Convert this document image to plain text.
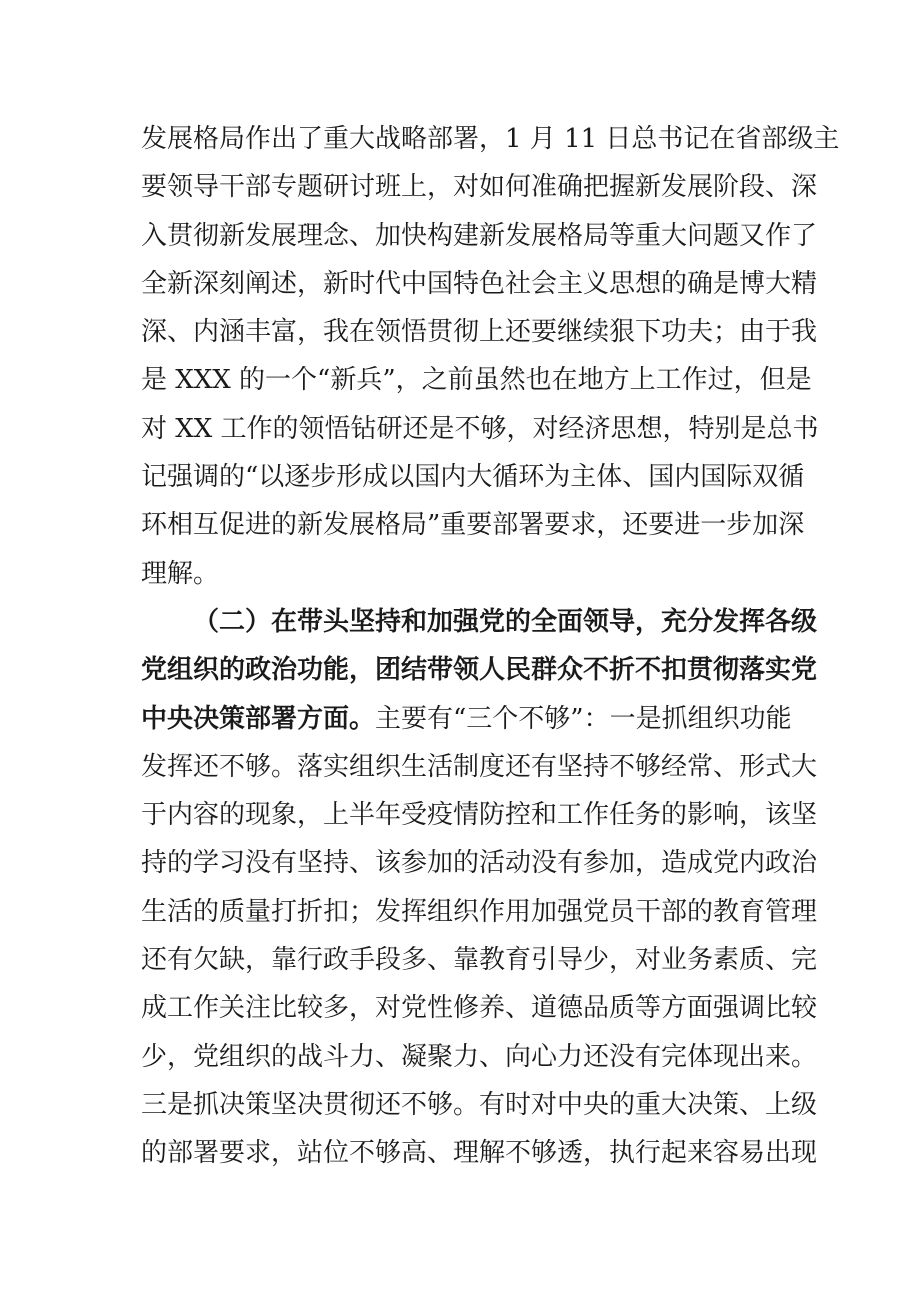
发展格局作出了重大战略部署，1 月 11 日总书记在省部级主
要领导干部专题研讨班上，对如何准确把握新发展阶段、深
入贯彻新发展理念、加快构建新发展格局等重大问题又作了
全新深刻阐述，新时代中国特色社会主义思想的确是博大精
深、内涵丰富，我在领悟贯彻上还要继续狠下功夫；由于我
是 XXX 的一个“新兵”，之前虽然也在地方上工作过，但是
对 XX 工作的领悟钻研还是不够，对经济思想，特别是总书
记强调的“以逐步形成以国内大循环为主体、国内国际双循
环相互促进的新发展格局”重要部署要求，还要进一步加深
理解。
（二）在带头坚持和加强党的全面领导，充分发挥各级
党组织的政治功能，团结带领人民群众不折不扣贯彻落实党
中央决策部署方面。主要有“三个不够”：一是抓组织功能
发挥还不够。落实组织生活制度还有坚持不够经常、形式大
于内容的现象，上半年受疫情防控和工作任务的影响，该坚
持的学习没有坚持、该参加的活动没有参加，造成党内政治
生活的质量打折扣；发挥组织作用加强党员干部的教育管理
还有欠缺，靠行政手段多、靠教育引导少，对业务素质、完
成工作关注比较多，对党性修养、道德品质等方面强调比较
少，党组织的战斗力、凝聚力、向心力还没有完体现出来。
三是抓决策坚决贯彻还不够。有时对中央的重大决策、上级
的部署要求，站位不够高、理解不够透，执行起来容易出现
